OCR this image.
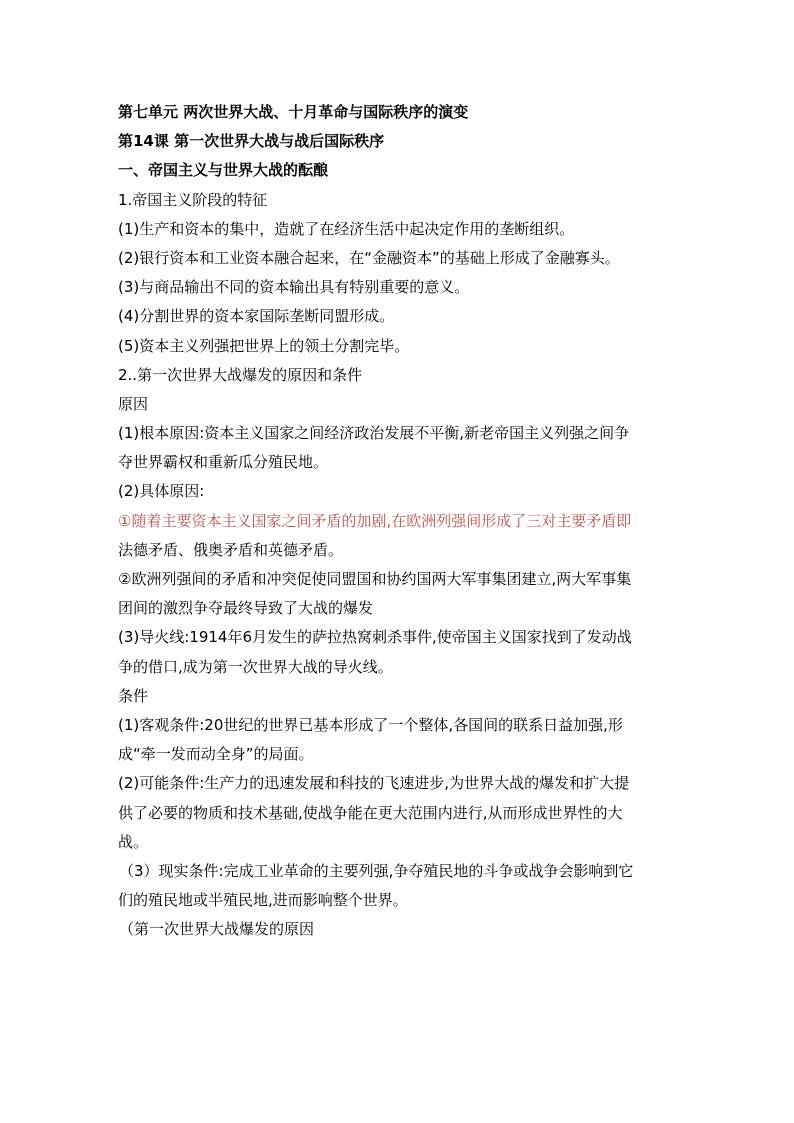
第七单元 两次世界大战、十月革命与国际秩序的演变
第14课 第一次世界大战与战后国际秩序
一、帝国主义与世界大战的酝酿
1.帝国主义阶段的特征
(1)生产和资本的集中，造就了在经济生活中起决定作用的垄断组织。
(2)银行资本和工业资本融合起来，在“金融资本”的基础上形成了金融寡头。
(3)与商品输出不同的资本输出具有特别重要的意义。
(4)分割世界的资本家国际垄断同盟形成。
(5)资本主义列强把世界上的领土分割完毕。
2..第一次世界大战爆发的原因和条件
原因
(1)根本原因:资本主义国家之间经济政治发展不平衡,新老帝国主义列强之间争
夺世界霸权和重新瓜分殖民地。
(2)具体原因:
①随着主要资本主义国家之间矛盾的加剧,在欧洲列强间形成了三对主要矛盾即
法德矛盾、俄奥矛盾和英德矛盾。
②欧洲列强间的矛盾和冲突促使同盟国和协约国两大军事集团建立,两大军事集
团间的激烈争夺最终导致了大战的爆发
(3)导火线:1914年6月发生的萨拉热窝刺杀事件,使帝国主义国家找到了发动战
争的借口,成为第一次世界大战的导火线。
条件
(1)客观条件:20世纪的世界已基本形成了一个整体,各国间的联系日益加强,形
成“牵一发而动全身”的局面。
(2)可能条件:生产力的迅速发展和科技的飞速进步,为世界大战的爆发和扩大提
供了必要的物质和技术基础,使战争能在更大范围内进行,从而形成世界性的大
战。
（3）现实条件:完成工业革命的主要列强,争夺殖民地的斗争或战争会影响到它
们的殖民地或半殖民地,进而影响整个世界。
（第一次世界大战爆发的原因
